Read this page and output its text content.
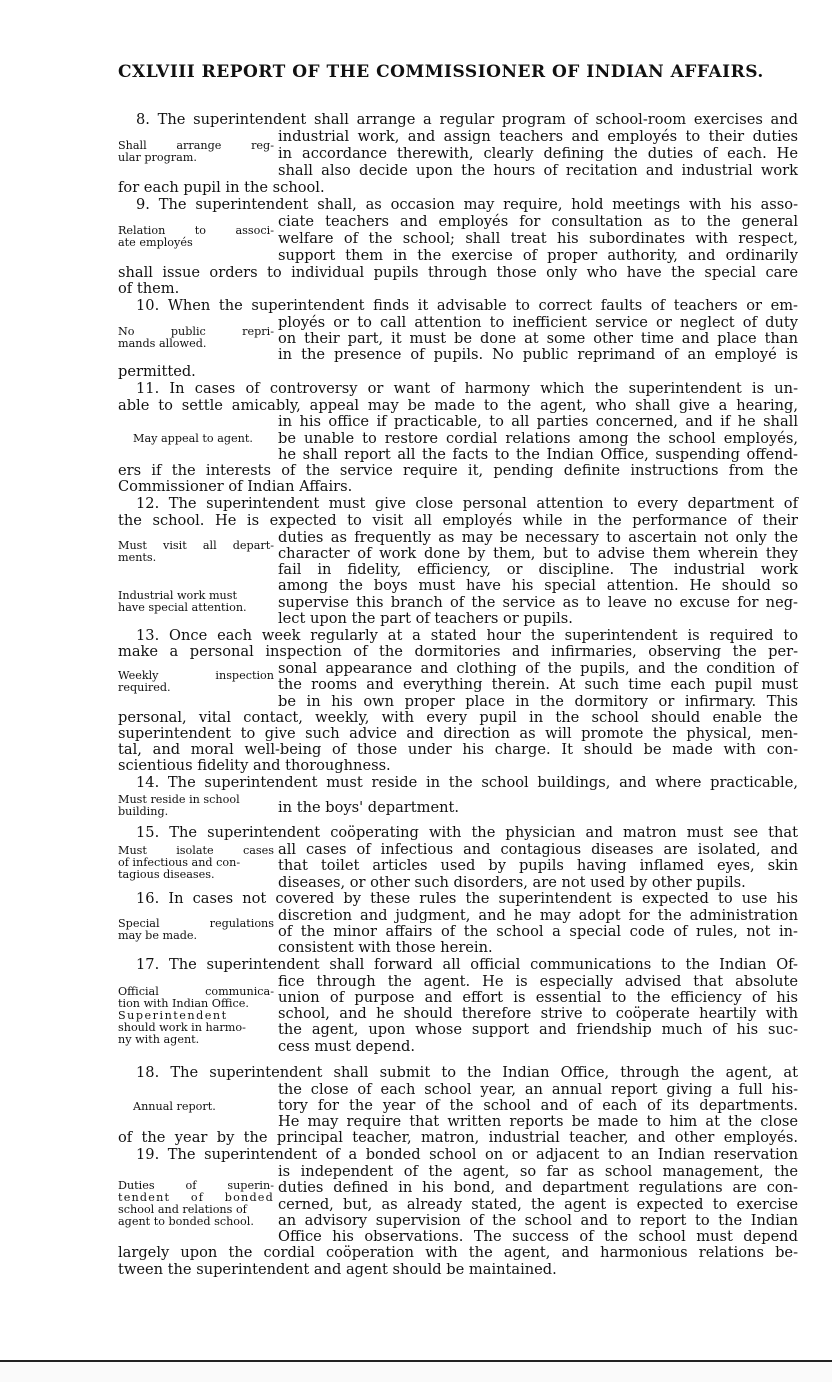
CXLVIII REPORT OF THE COMMISSIONER OF INDIAN AFFAIRS.
8. The superintendent shall arrange a regular program of school-room exercises and
industrial work, and assign teachers and employés to their duties
in accordance therewith, clearly defining the duties of each. He
shall also decide upon the hours of recitation and industrial work
for each pupil in the school.
Shall arrange reg-
ular program.
9. The superintendent shall, as occasion may require, hold meetings with his asso-
ciate teachers and employés for consultation as to the general
welfare of the school; shall treat his subordinates with respect,
support them in the exercise of proper authority, and ordinarily
shall issue orders to individual pupils through those only who have the special care
of them.
Relation to associ-
ate employés
10. When the superintendent finds it advisable to correct faults of teachers or em-
ployés or to call attention to inefficient service or neglect of duty
on their part, it must be done at some other time and place than
in the presence of pupils. No public reprimand of an employé is
permitted.
No public repri-
mands allowed.
11. In cases of controversy or want of harmony which the superintendent is un-
able to settle amicably, appeal may be made to the agent, who shall give a hearing,
in his office if practicable, to all parties concerned, and if he shall
be unable to restore cordial relations among the school employés,
he shall report all the facts to the Indian Office, suspending offend-
ers if the interests of the service require it, pending definite instructions from the
Commissioner of Indian Affairs.
May appeal to agent.
12. The superintendent must give close personal attention to every department of
the school. He is expected to visit all employés while in the performance of their
duties as frequently as may be necessary to ascertain not only the
character of work done by them, but to advise them wherein they
fail in fidelity, efficiency, or discipline. The industrial work
among the boys must have his special attention. He should so
supervise this branch of the service as to leave no excuse for neg-
lect upon the part of teachers or pupils.
Must visit all depart-
ments.
Industrial work must
have special attention.
13. Once each week regularly at a stated hour the superintendent is required to
make a personal inspection of the dormitories and infirmaries, observing the per-
sonal appearance and clothing of the pupils, and the condition of
the rooms and everything therein. At such time each pupil must
be in his own proper place in the dormitory or infirmary. This
personal, vital contact, weekly, with every pupil in the school should enable the
superintendent to give such advice and direction as will promote the physical, men-
tal, and moral well-being of those under his charge. It should be made with con-
scientious fidelity and thoroughness.
Weekly inspection
required.
14. The superintendent must reside in the school buildings, and where practicable,
in the boys' department.
Must reside in school
building.
15. The superintendent coöperating with the physician and matron must see that
all cases of infectious and contagious diseases are isolated, and
that toilet articles used by pupils having inflamed eyes, skin
diseases, or other such disorders, are not used by other pupils.
Must isolate cases
of infectious and con-
tagious diseases.
16. In cases not covered by these rules the superintendent is expected to use his
discretion and judgment, and he may adopt for the administration
of the minor affairs of the school a special code of rules, not in-
consistent with those herein.
Special regulations
may be made.
17. The superintendent shall forward all official communications to the Indian Of-
fice through the agent. He is especially advised that absolute
union of purpose and effort is essential to the efficiency of his
school, and he should therefore strive to coöperate heartily with
the agent, upon whose support and friendship much of his suc-
cess must depend.
Official communica-
tion with Indian Office.
Superintendent
should work in harmo-
ny with agent.
18. The superintendent shall submit to the Indian Office, through the agent, at
the close of each school year, an annual report giving a full his-
tory for the year of the school and of each of its departments.
He may require that written reports be made to him at the close
of the year by the principal teacher, matron, industrial teacher, and other employés.
Annual report.
19. The superintendent of a bonded school on or adjacent to an Indian reservation
is independent of the agent, so far as school management, the
duties defined in his bond, and department regulations are con-
cerned, but, as already stated, the agent is expected to exercise
an advisory supervision of the school and to report to the Indian
Office his observations. The success of the school must depend
largely upon the cordial coöperation with the agent, and harmonious relations be-
tween the superintendent and agent should be maintained.
Duties of superin-
tendent of bonded
school and relations of
agent to bonded school.
